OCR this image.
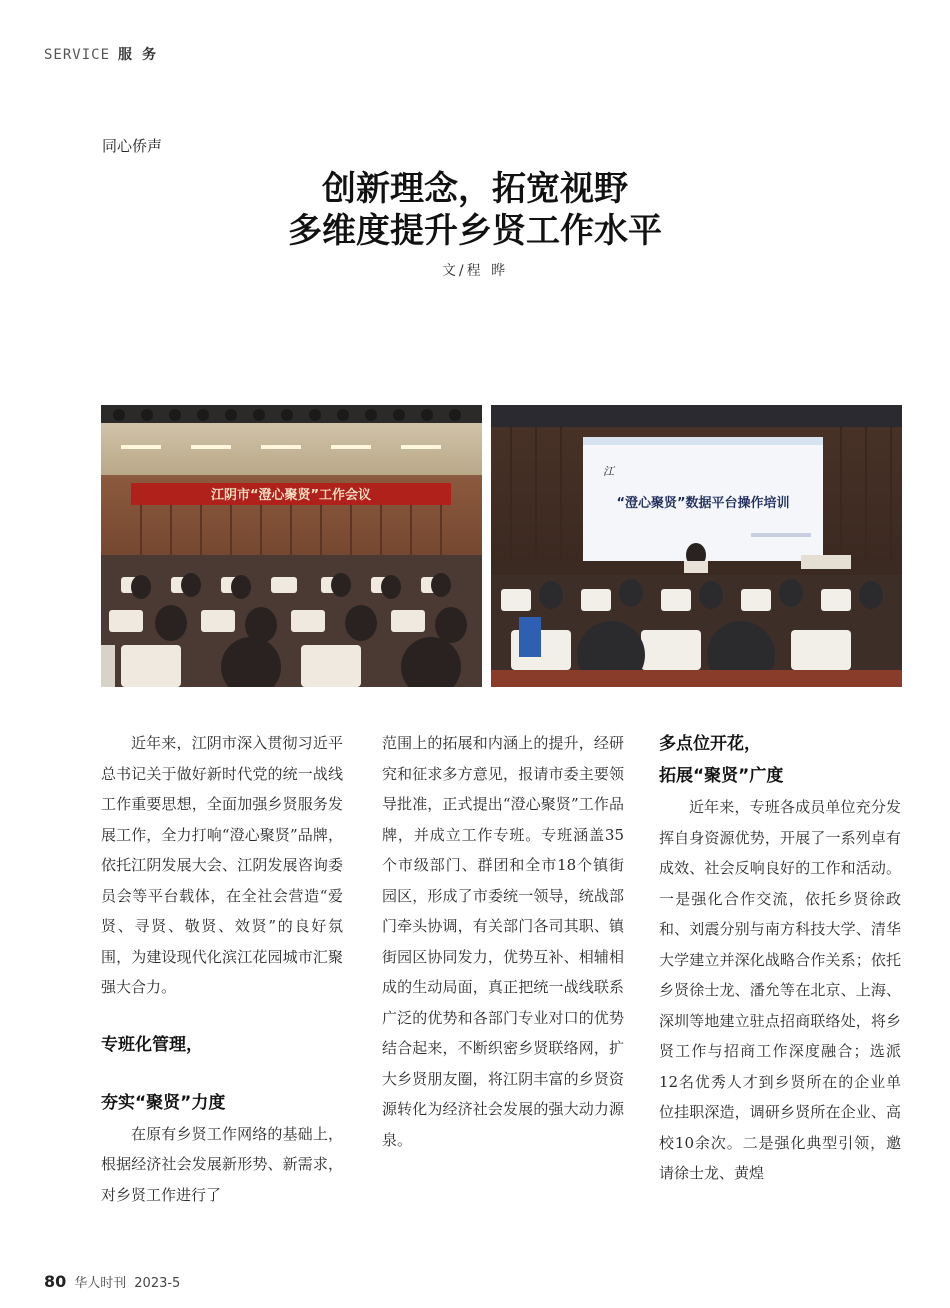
SERVICE 服务
同心侨声
创新理念，拓宽视野
多维度提升乡贤工作水平
文/程 晔
江阴市“澄心聚贤”工作会议
江
“澄心聚贤”数据平台操作培训

近年来，江阴市深入贯彻习近平总书记关于做好新时代党的统一战线工作重要思想，全面加强乡贤服务发展工作，全力打响“澄心聚贤”品牌，依托江阴发展大会、江阴发展咨询委员会等平台载体，在全社会营造“爱贤、寻贤、敬贤、效贤”的良好氛围，为建设现代化滨江花园城市汇聚强大合力。

专班化管理，
夯实“聚贤”力度

在原有乡贤工作网络的基础上，根据经济社会发展新形势、新需求，对乡贤工作进行了

范围上的拓展和内涵上的提升，经研究和征求多方意见，报请市委主要领导批准，正式提出“澄心聚贤”工作品牌，并成立工作专班。专班涵盖35个市级部门、群团和全市18个镇街园区，形成了市委统一领导，统战部门牵头协调，有关部门各司其职、镇街园区协同发力，优势互补、相辅相成的生动局面，真正把统一战线联系广泛的优势和各部门专业对口的优势结合起来，不断织密乡贤联络网，扩大乡贤朋友圈，将江阴丰富的乡贤资源转化为经济社会发展的强大动力源泉。

多点位开花，
拓展“聚贤”广度

近年来，专班各成员单位充分发挥自身资源优势，开展了一系列卓有成效、社会反响良好的工作和活动。一是强化合作交流，依托乡贤徐政和、刘震分别与南方科技大学、清华大学建立并深化战略合作关系；依托乡贤徐士龙、潘允等在北京、上海、深圳等地建立驻点招商联络处，将乡贤工作与招商工作深度融合；选派12名优秀人才到乡贤所在的企业单位挂职深造，调研乡贤所在企业、高校10余次。二是强化典型引领，邀请徐士龙、黄煌

80 华人时刊 2023-5
